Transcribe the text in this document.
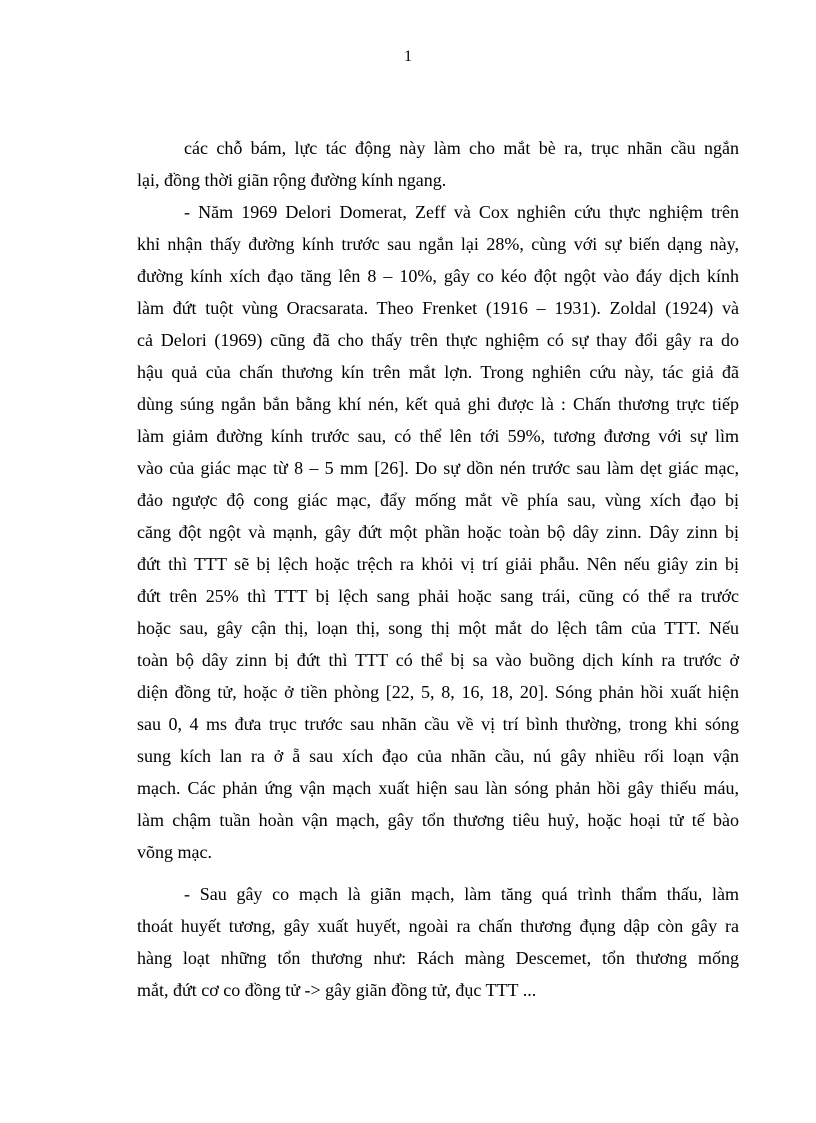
1

các chỗ bám, lực tác động này làm cho mắt bè ra, trục nhãn cầu ngắn
lại, đồng thời giãn rộng đường kính ngang.

- Năm 1969 Delori Domerat, Zeff và Cox nghiên cứu thực nghiệm trên
khỉ nhận thấy đường kính trước sau ngắn lại 28%, cùng với sự biến dạng này,
đường kính xích đạo tăng lên 8 – 10%, gây co kéo đột ngột vào đáy dịch kính
làm đứt tuột vùng Oracsarata. Theo Frenket (1916 – 1931). Zoldal (1924) và
cả Delori (1969) cũng đã cho thấy trên thực nghiệm có sự thay đổi gây ra do
hậu quả của chấn thương kín trên mắt lợn. Trong nghiên cứu này, tác giả đã
dùng súng ngắn bắn bằng khí nén, kết quả ghi được là : Chấn thương trực tiếp
làm giảm đường kính trước sau, có thể lên tới 59%, tương đương với sự lìm
vào của giác mạc từ 8 – 5 mm [26]. Do sự dồn nén trước sau làm dẹt giác mạc,
đảo ngược độ cong giác mạc, đẩy mống mắt về phía sau, vùng xích đạo bị
căng đột ngột và mạnh, gây đứt một phần hoặc toàn bộ dây zinn. Dây zinn bị
đứt thì TTT sẽ bị lệch hoặc trệch ra khỏi vị trí giải phẫu. Nên nếu giây zin bị
đứt trên 25% thì TTT bị lệch sang phải hoặc sang trái, cũng có thể ra trước
hoặc sau, gây cận thị, loạn thị, song thị một mắt do lệch tâm của TTT. Nếu
toàn bộ dây zinn bị đứt thì TTT có thể bị sa vào buồng dịch kính ra trước ở
diện đồng tử, hoặc ở tiền phòng [22, 5, 8, 16, 18, 20]. Sóng phản hồi xuất hiện
sau 0, 4 ms đưa trục trước sau nhãn cầu về vị trí bình thường, trong khi sóng
sung kích lan ra ở ẵ sau xích đạo của nhãn cầu, nú gây nhiều rối loạn vận
mạch. Các phản ứng vận mạch xuất hiện sau làn sóng phản hồi gây thiếu máu,
làm chậm tuần hoàn vận mạch, gây tổn thương tiêu huỷ, hoặc hoại tử tế bào
võng mạc.

- Sau gây co mạch là giãn mạch, làm tăng quá trình thẩm thấu, làm
thoát huyết tương, gây xuất huyết, ngoài ra chấn thương đụng dập còn gây ra
hàng loạt những tổn thương như: Rách màng Descemet, tổn thương mống
mắt, đứt cơ co đồng tử -> gây giãn đồng tử, đục TTT ...
